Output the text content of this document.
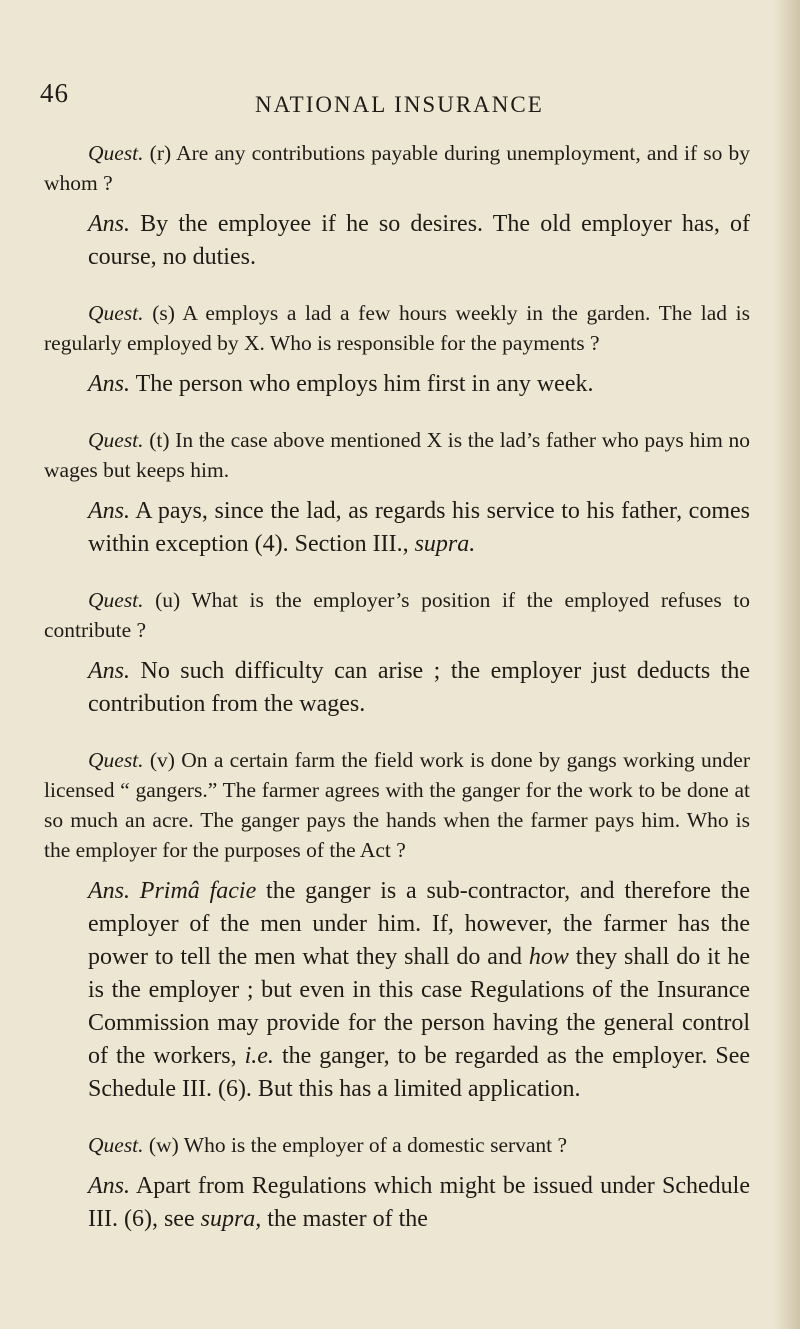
46	NATIONAL INSURANCE

Quest. (r) Are any contributions payable during unemployment, and if so by whom ?

Ans. By the employee if he so desires. The old employer has, of course, no duties.

Quest. (s) A employs a lad a few hours weekly in the garden. The lad is regularly employed by X. Who is responsible for the payments ?

Ans. The person who employs him first in any week.

Quest. (t) In the case above mentioned X is the lad’s father who pays him no wages but keeps him.

Ans. A pays, since the lad, as regards his service to his father, comes within exception (4). Section III., supra.

Quest. (u) What is the employer’s position if the employed refuses to contribute ?

Ans. No such difficulty can arise ; the employer just deducts the contribution from the wages.

Quest. (v) On a certain farm the field work is done by gangs working under licensed “ gangers.” The farmer agrees with the ganger for the work to be done at so much an acre. The ganger pays the hands when the farmer pays him. Who is the employer for the purposes of the Act ?

Ans. Primâ facie the ganger is a sub-contractor, and therefore the employer of the men under him. If, however, the farmer has the power to tell the men what they shall do and how they shall do it he is the employer ; but even in this case Regulations of the Insurance Commission may provide for the person having the general control of the workers, i.e. the ganger, to be regarded as the employer. See Schedule III. (6). But this has a limited application.

Quest. (w) Who is the employer of a domestic servant ?

Ans. Apart from Regulations which might be issued under Schedule III. (6), see supra, the master of the
